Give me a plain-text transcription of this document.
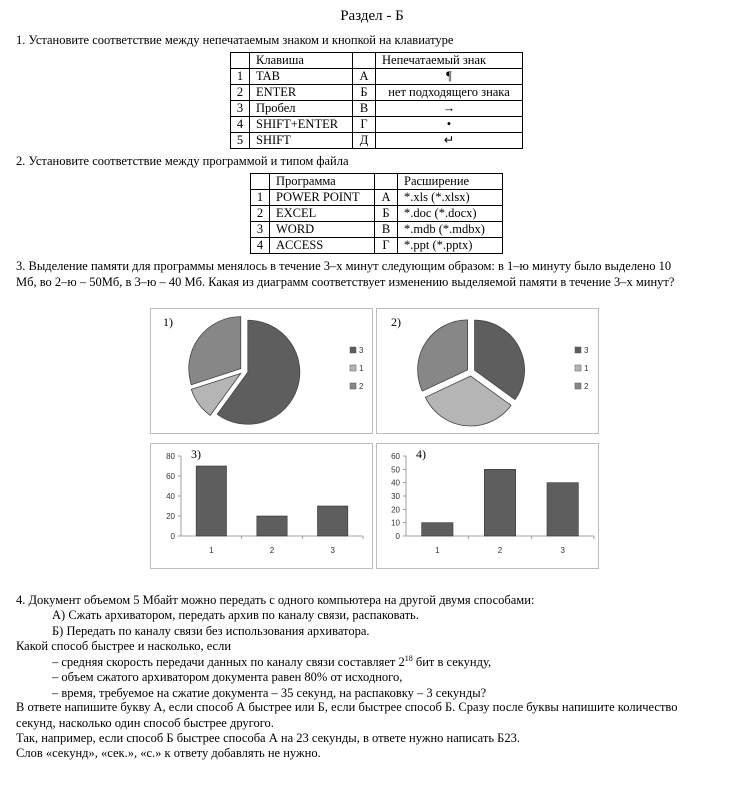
Раздел - Б
1. Установите соответствие между непечатаемым знаком и кнопкой на клавиатуре
	Клавиша		Непечатаемый знак
1	TAB	А	¶
2	ENTER	Б	нет подходящего знака
3	Пробел	В	→
4	SHIFT+ENTER	Г	•
5	SHIFT	Д	↵
2. Установите соответствие между программой и типом файла
	Программа		Расширение
1	POWER POINT	А	*.xls (*.xlsx)
2	EXCEL	Б	*.doc (*.docx)
3	WORD	В	*.mdb (*.mdbx)
4	ACCESS	Г	*.ppt (*.pptx)
3. Выделение памяти для программы менялось в течение 3–х минут следующим образом: в 1–ю минуту было выделено 10
Мб, во 2–ю – 50Мб, в 3–ю – 40 Мб. Какая из диаграмм соответствует изменению выделяемой памяти в течение 3–х минут?
1)
3
1
2
2)
3
1
2
0
20
40
60
80
1	2	3
3)
0
10
20
30
40
50
60
1	2	3
4)
4. Документ объемом 5 Мбайт можно передать с одного компьютера на другой двумя способами:
А) Сжать архиватором, передать архив по каналу связи, распаковать.
Б) Передать по каналу связи без использования архиватора.
Какой способ быстрее и насколько, если
– средняя скорость передачи данных по каналу связи составляет $2^{18}$ бит в секунду,
– объем сжатого архиватором документа равен 80% от исходного,
– время, требуемое на сжатие документа – 35 секунд, на распаковку – 3 секунды?
В ответе напишите букву А, если способ А быстрее или Б, если быстрее способ Б. Сразу после буквы напишите количество
секунд, насколько один способ быстрее другого.
Так, например, если способ Б быстрее способа А на 23 секунды, в ответе нужно написать Б23.
Слов «секунд», «сек.», «с.» к ответу добавлять не нужно.
